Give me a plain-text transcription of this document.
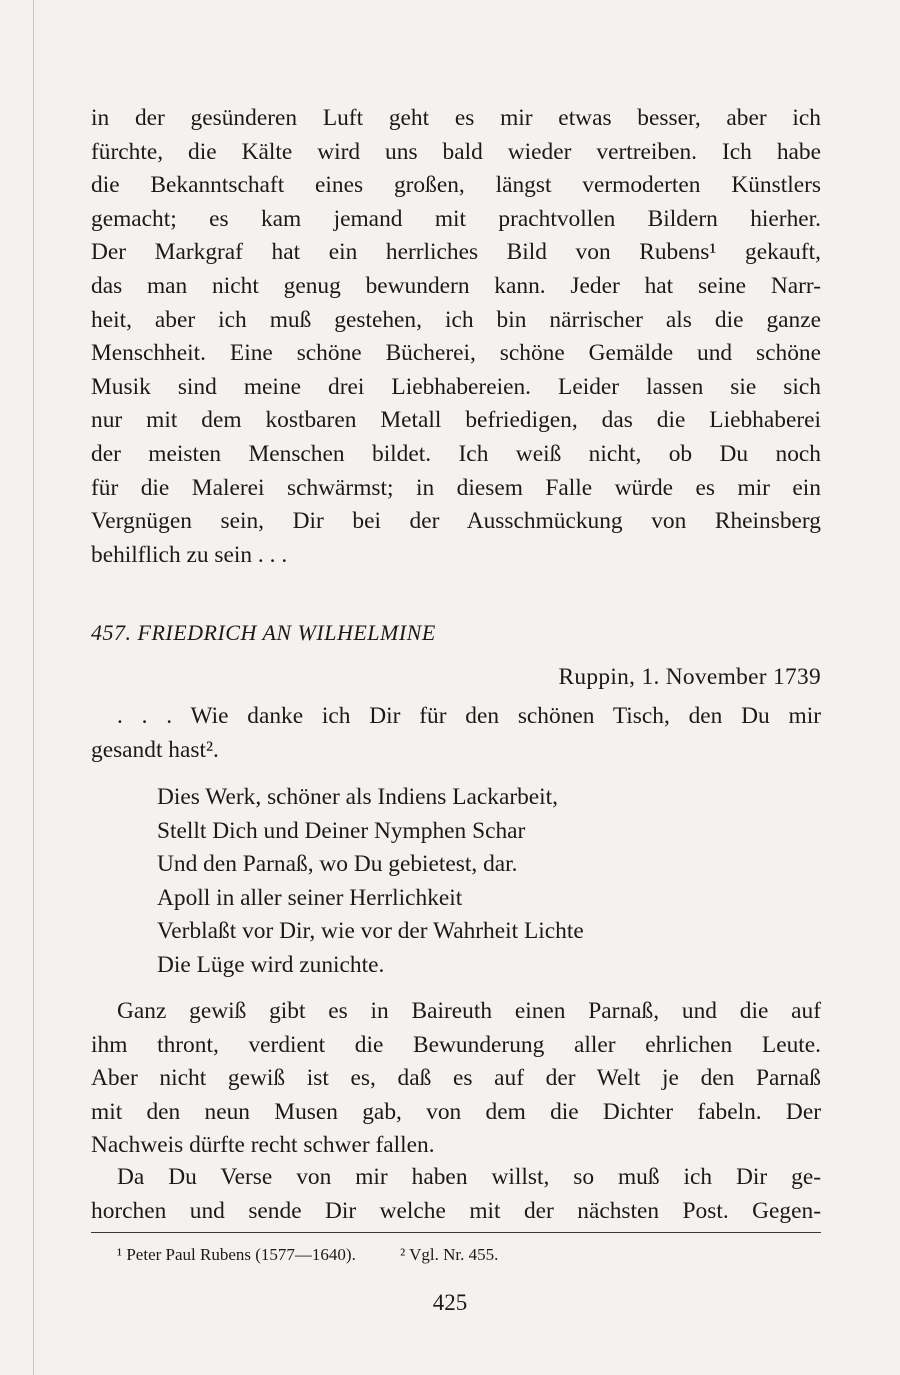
in der gesünderen Luft geht es mir etwas besser, aber ich
fürchte, die Kälte wird uns bald wieder vertreiben. Ich habe
die Bekanntschaft eines großen, längst vermoderten Künstlers
gemacht; es kam jemand mit prachtvollen Bildern hierher.
Der Markgraf hat ein herrliches Bild von Rubens¹ gekauft,
das man nicht genug bewundern kann. Jeder hat seine Narr-
heit, aber ich muß gestehen, ich bin närrischer als die ganze
Menschheit. Eine schöne Bücherei, schöne Gemälde und schöne
Musik sind meine drei Liebhabereien. Leider lassen sie sich
nur mit dem kostbaren Metall befriedigen, das die Liebhaberei
der meisten Menschen bildet. Ich weiß nicht, ob Du noch
für die Malerei schwärmst; in diesem Falle würde es mir ein
Vergnügen sein, Dir bei der Ausschmückung von Rheinsberg
behilflich zu sein . . .
457. FRIEDRICH AN WILHELMINE
Ruppin, 1. November 1739
. . . Wie danke ich Dir für den schönen Tisch, den Du mir
gesandt hast².
Dies Werk, schöner als Indiens Lackarbeit,
Stellt Dich und Deiner Nymphen Schar
Und den Parnaß, wo Du gebietest, dar.
Apoll in aller seiner Herrlichkeit
Verblaßt vor Dir, wie vor der Wahrheit Lichte
Die Lüge wird zunichte.
Ganz gewiß gibt es in Baireuth einen Parnaß, und die auf
ihm thront, verdient die Bewunderung aller ehrlichen Leute.
Aber nicht gewiß ist es, daß es auf der Welt je den Parnaß
mit den neun Musen gab, von dem die Dichter fabeln. Der
Nachweis dürfte recht schwer fallen.
Da Du Verse von mir haben willst, so muß ich Dir ge-
horchen und sende Dir welche mit der nächsten Post. Gegen-
¹ Peter Paul Rubens (1577—1640).	² Vgl. Nr. 455.
425
